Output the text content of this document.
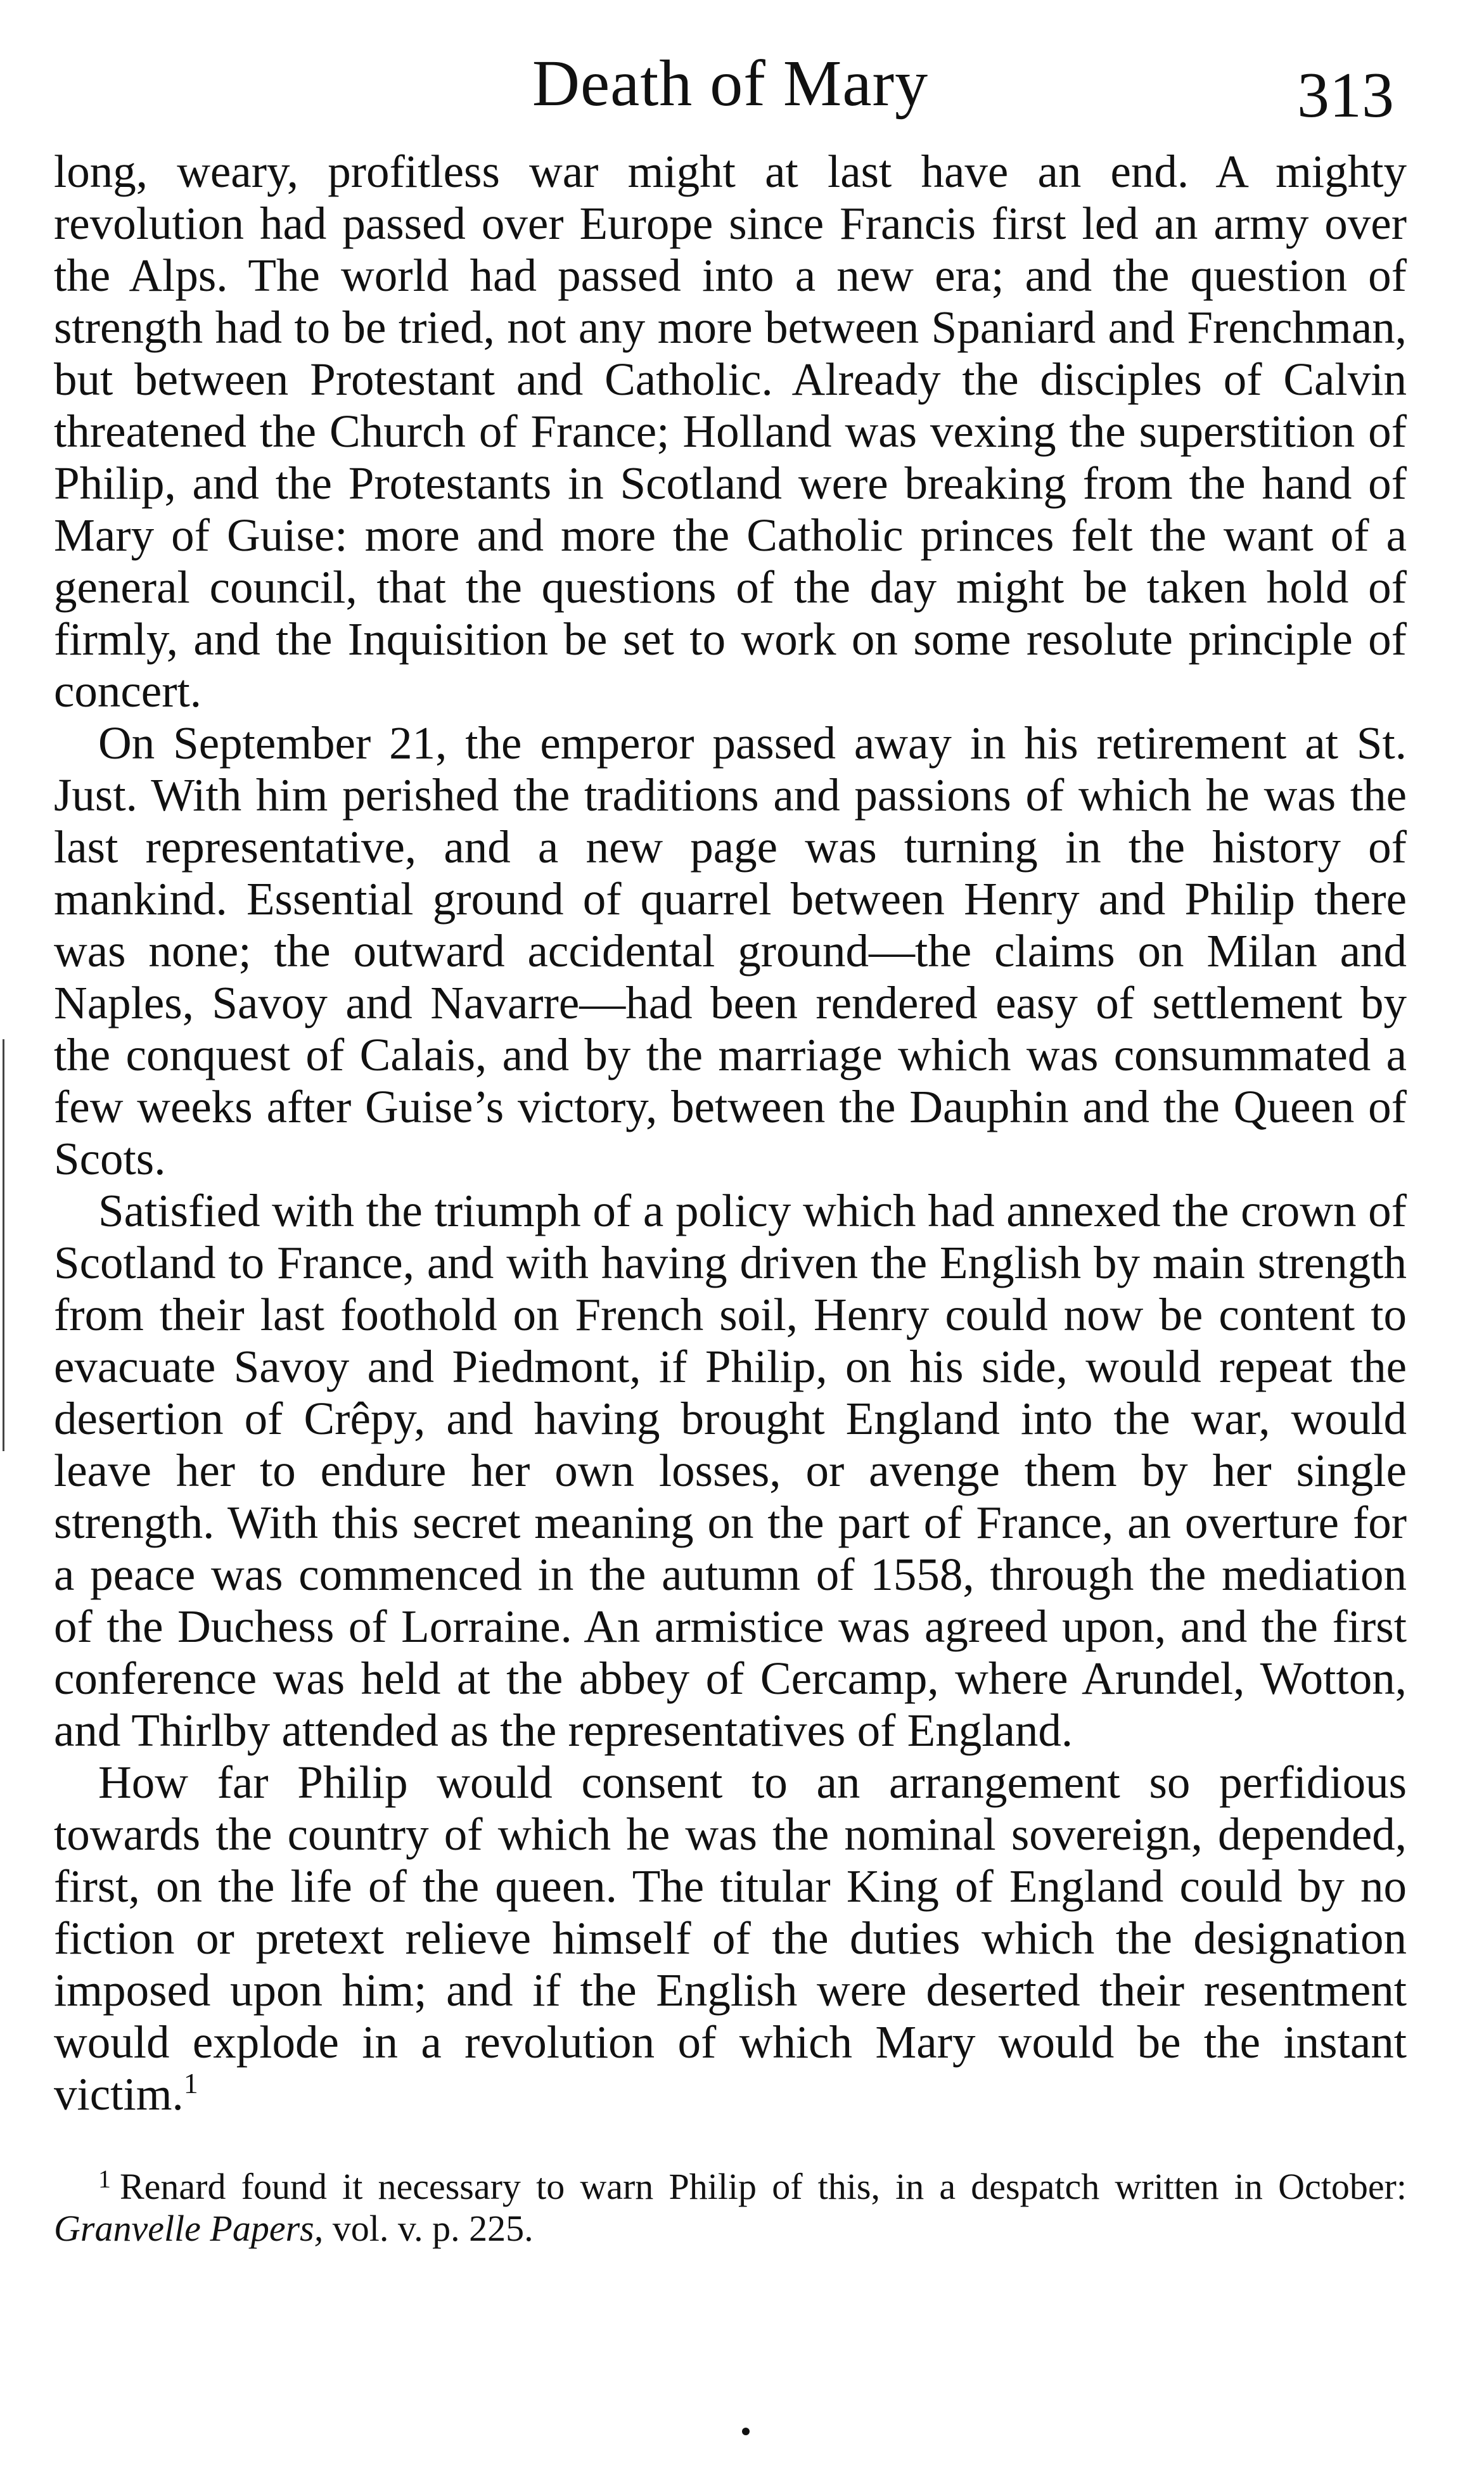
Death of Mary	313

long, weary, profitless war might at last have an end. A mighty revolution had passed over Europe since Francis first led an army over the Alps. The world had passed into a new era; and the question of strength had to be tried, not any more between Spaniard and Frenchman, but between Protestant and Catholic. Already the disciples of Calvin threatened the Church of France; Holland was vexing the superstition of Philip, and the Protestants in Scotland were breaking from the hand of Mary of Guise: more and more the Catholic princes felt the want of a general council, that the questions of the day might be taken hold of firmly, and the Inquisition be set to work on some resolute principle of concert.

On September 21, the emperor passed away in his retirement at St. Just. With him perished the traditions and passions of which he was the last representative, and a new page was turning in the history of mankind. Essential ground of quarrel between Henry and Philip there was none; the outward accidental ground—the claims on Milan and Naples, Savoy and Navarre—had been rendered easy of settlement by the conquest of Calais, and by the marriage which was consummated a few weeks after Guise’s victory, between the Dauphin and the Queen of Scots.

Satisfied with the triumph of a policy which had annexed the crown of Scotland to France, and with having driven the English by main strength from their last foothold on French soil, Henry could now be content to evacuate Savoy and Piedmont, if Philip, on his side, would repeat the desertion of Crêpy, and having brought England into the war, would leave her to endure her own losses, or avenge them by her single strength. With this secret meaning on the part of France, an overture for a peace was commenced in the autumn of 1558, through the mediation of the Duchess of Lorraine. An armistice was agreed upon, and the first conference was held at the abbey of Cercamp, where Arundel, Wotton, and Thirlby attended as the representatives of England.

How far Philip would consent to an arrangement so perfidious towards the country of which he was the nominal sovereign, depended, first, on the life of the queen. The titular King of England could by no fiction or pretext relieve himself of the duties which the designation imposed upon him; and if the English were deserted their resentment would explode in a revolution of which Mary would be the instant victim.$^1$

1 Renard found it necessary to warn Philip of this, in a despatch written in October: Granvelle Papers, vol. v. p. 225.
